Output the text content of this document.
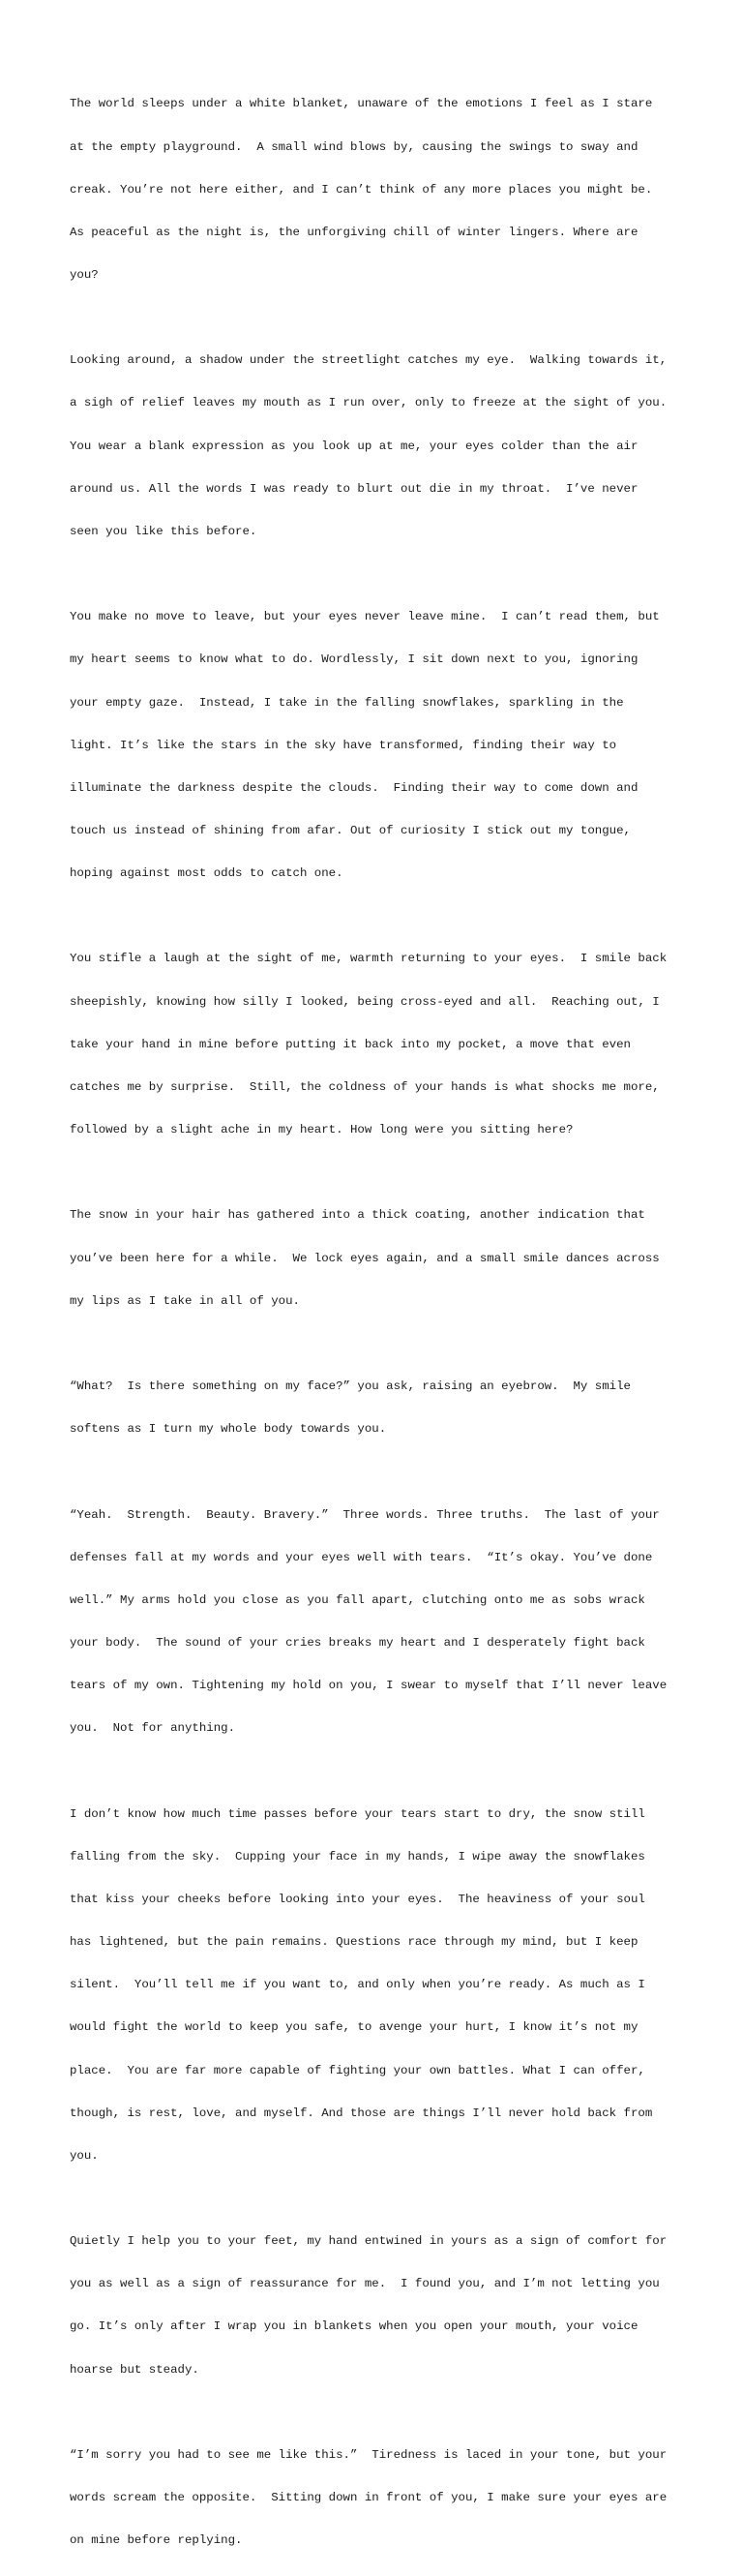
The world sleeps under a white blanket, unaware of the emotions I feel as I stare

at the empty playground.  A small wind blows by, causing the swings to sway and

creak. You’re not here either, and I can’t think of any more places you might be.

As peaceful as the night is, the unforgiving chill of winter lingers. Where are

you?

Looking around, a shadow under the streetlight catches my eye.  Walking towards it,

a sigh of relief leaves my mouth as I run over, only to freeze at the sight of you.

You wear a blank expression as you look up at me, your eyes colder than the air

around us. All the words I was ready to blurt out die in my throat.  I’ve never

seen you like this before.

You make no move to leave, but your eyes never leave mine.  I can’t read them, but

my heart seems to know what to do. Wordlessly, I sit down next to you, ignoring

your empty gaze.  Instead, I take in the falling snowflakes, sparkling in the

light. It’s like the stars in the sky have transformed, finding their way to

illuminate the darkness despite the clouds.  Finding their way to come down and

touch us instead of shining from afar. Out of curiosity I stick out my tongue,

hoping against most odds to catch one.

You stifle a laugh at the sight of me, warmth returning to your eyes.  I smile back

sheepishly, knowing how silly I looked, being cross-eyed and all.  Reaching out, I

take your hand in mine before putting it back into my pocket, a move that even

catches me by surprise.  Still, the coldness of your hands is what shocks me more,

followed by a slight ache in my heart. How long were you sitting here?

The snow in your hair has gathered into a thick coating, another indication that

you’ve been here for a while.  We lock eyes again, and a small smile dances across

my lips as I take in all of you.

“What?  Is there something on my face?” you ask, raising an eyebrow.  My smile

softens as I turn my whole body towards you.

“Yeah.  Strength.  Beauty. Bravery.”  Three words. Three truths.  The last of your

defenses fall at my words and your eyes well with tears.  “It’s okay. You’ve done

well.” My arms hold you close as you fall apart, clutching onto me as sobs wrack

your body.  The sound of your cries breaks my heart and I desperately fight back

tears of my own. Tightening my hold on you, I swear to myself that I’ll never leave

you.  Not for anything.

I don’t know how much time passes before your tears start to dry, the snow still

falling from the sky.  Cupping your face in my hands, I wipe away the snowflakes

that kiss your cheeks before looking into your eyes.  The heaviness of your soul

has lightened, but the pain remains. Questions race through my mind, but I keep

silent.  You’ll tell me if you want to, and only when you’re ready. As much as I

would fight the world to keep you safe, to avenge your hurt, I know it’s not my

place.  You are far more capable of fighting your own battles. What I can offer,

though, is rest, love, and myself. And those are things I’ll never hold back from

you.

Quietly I help you to your feet, my hand entwined in yours as a sign of comfort for

you as well as a sign of reassurance for me.  I found you, and I’m not letting you

go. It’s only after I wrap you in blankets when you open your mouth, your voice

hoarse but steady.

“I’m sorry you had to see me like this.”  Tiredness is laced in your tone, but your

words scream the opposite.  Sitting down in front of you, I make sure your eyes are

on mine before replying.
